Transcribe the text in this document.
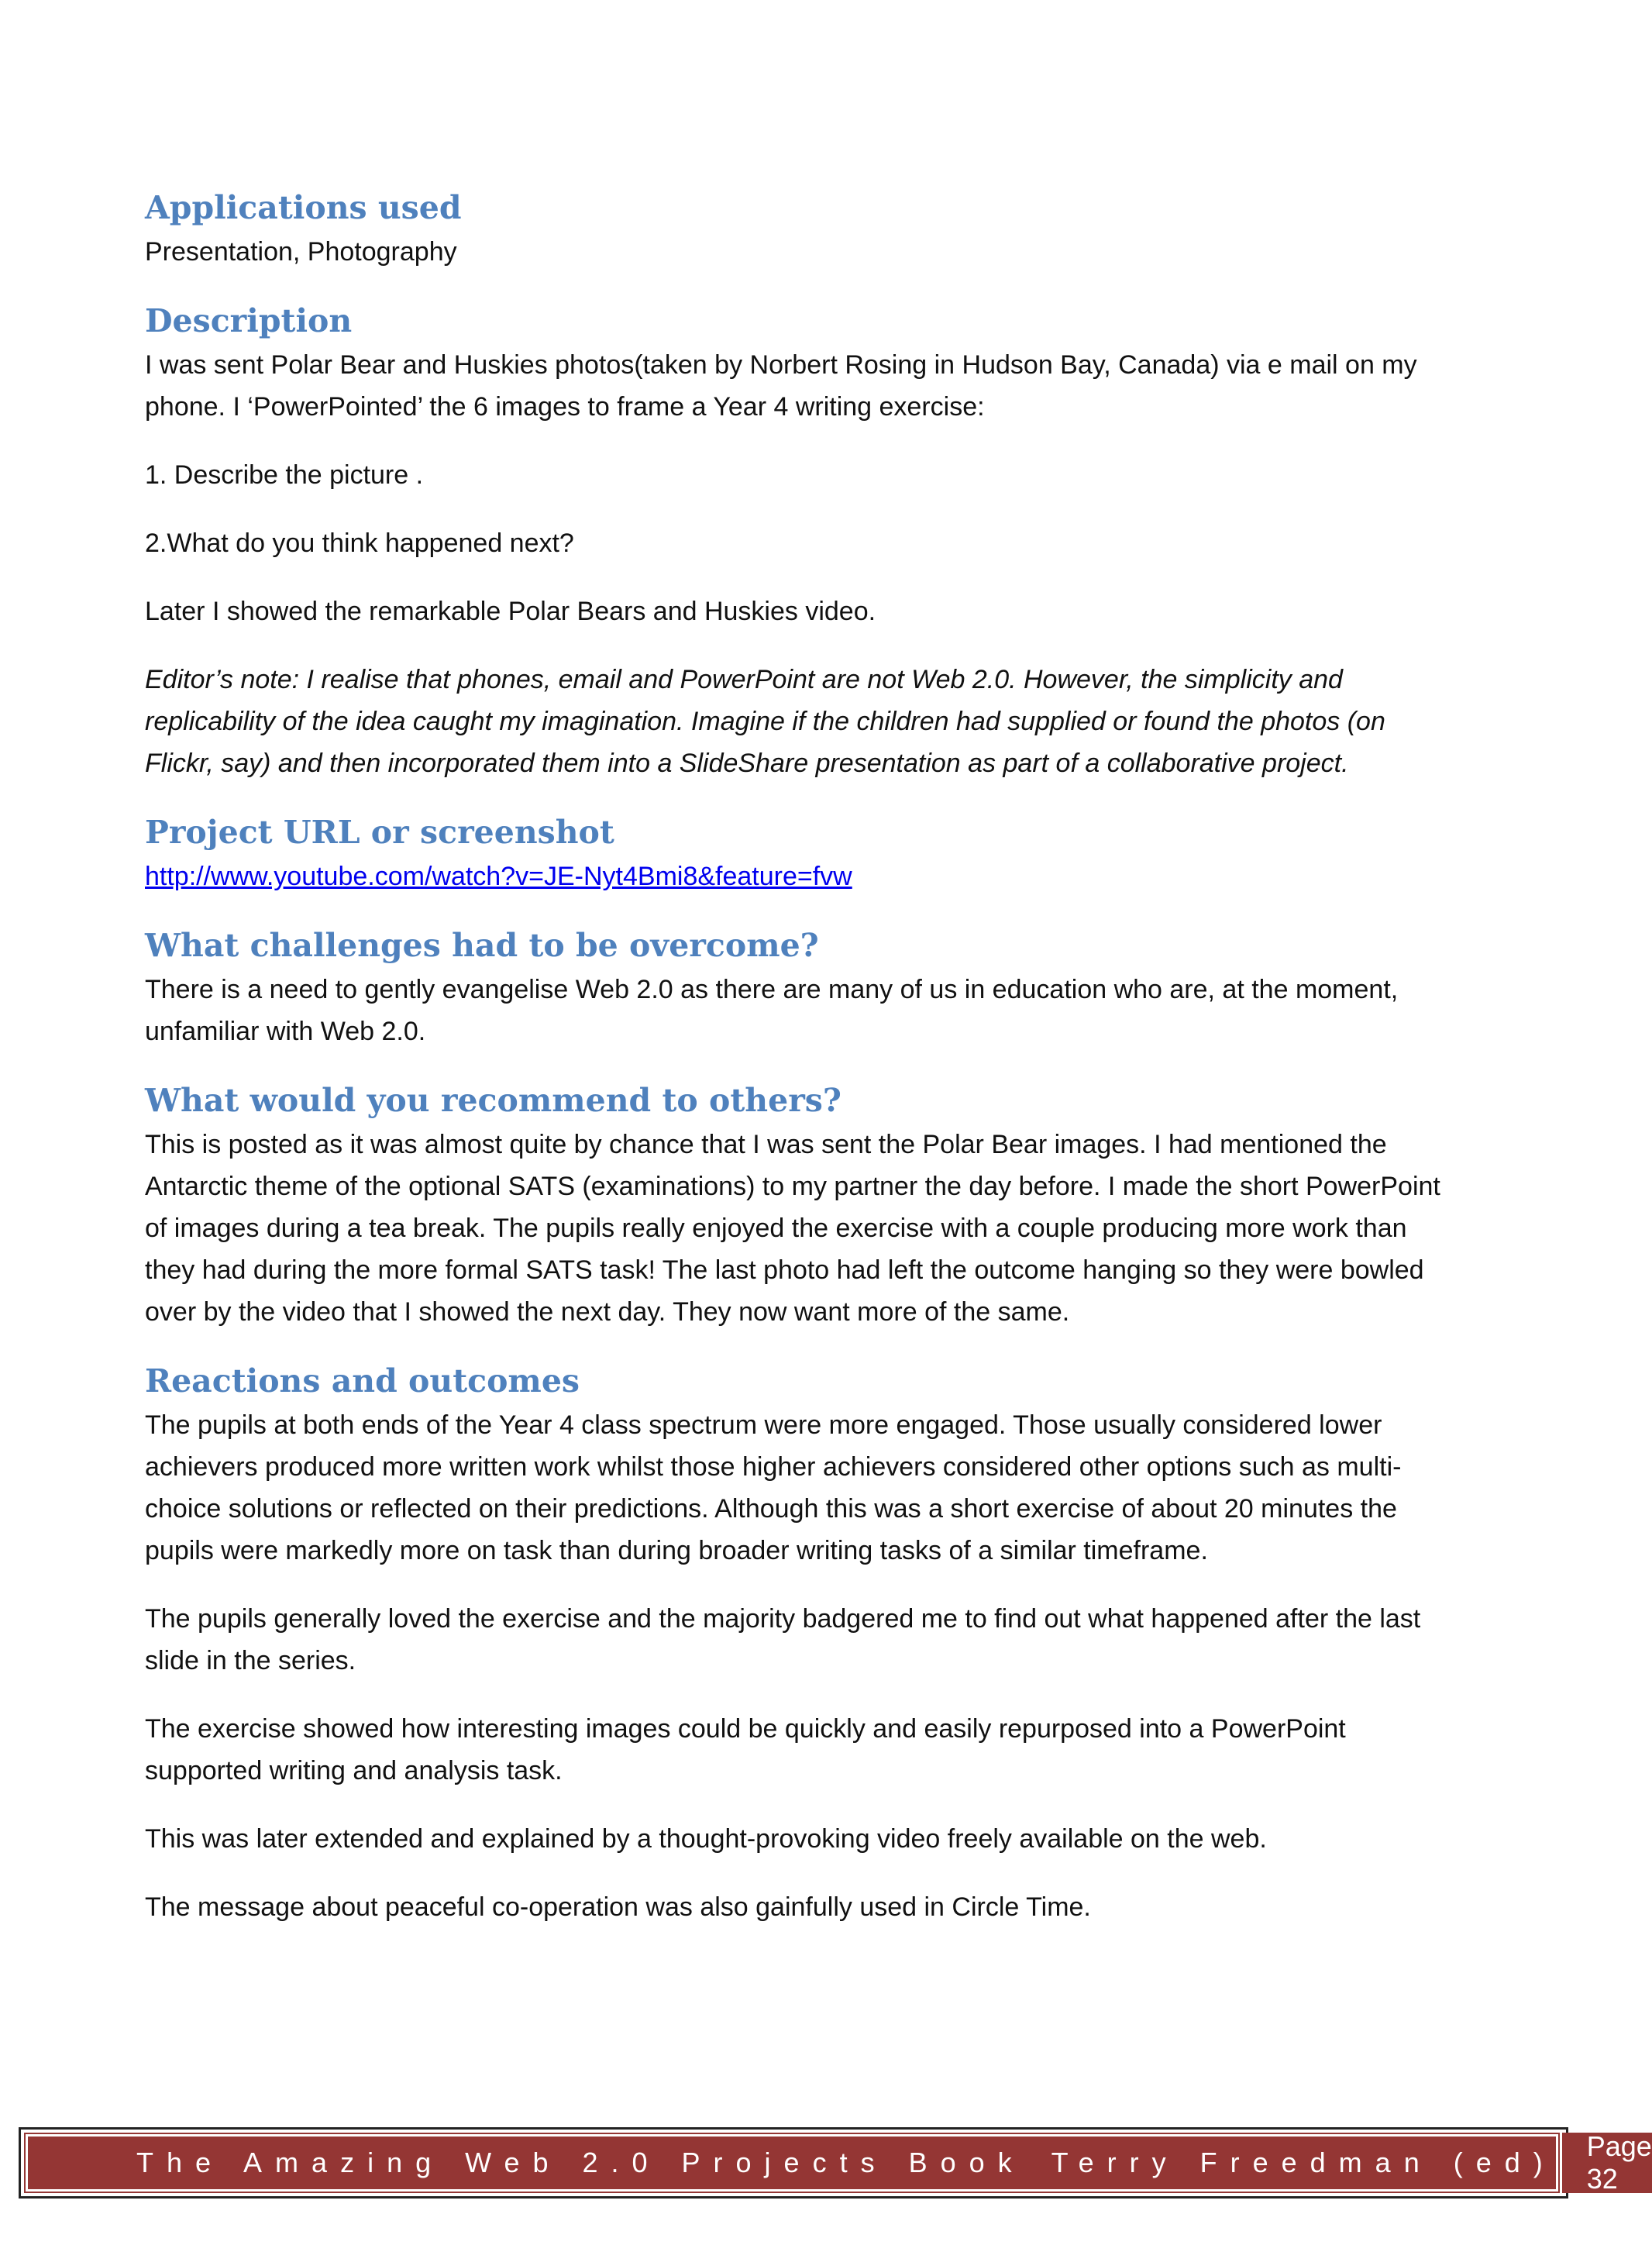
Applications used

Presentation, Photography

Description

I was sent Polar Bear and Huskies photos(taken by Norbert Rosing in Hudson Bay, Canada) via e mail on my phone. I ‘PowerPointed’ the 6 images to frame a Year 4 writing exercise:

1. Describe the picture .

2.What do you think happened next?

Later I showed the remarkable Polar Bears and Huskies video.

Editor’s note: I realise that phones, email and PowerPoint are not Web 2.0. However, the simplicity and replicability of the idea caught my imagination. Imagine if the children had supplied or found the photos (on Flickr, say) and then incorporated them into a SlideShare presentation as part of a collaborative project.

Project URL or screenshot

http://www.youtube.com/watch?v=JE-Nyt4Bmi8&feature=fvw

What challenges had to be overcome?

There is a need to gently evangelise Web 2.0 as there are many of us in education who are, at the moment, unfamiliar with Web 2.0.

What would you recommend to others?

This is posted as it was almost quite by chance that I was sent the Polar Bear images. I had mentioned the Antarctic theme of the optional SATS (examinations) to my partner the day before. I made the short PowerPoint of images during a tea break. The pupils really enjoyed the exercise with a couple producing more work than they had during the more formal SATS task! The last photo had left the outcome hanging so they were bowled over by the video that I showed the next day. They now want more of the same.

Reactions and outcomes

The pupils at both ends of the Year 4 class spectrum were more engaged. Those usually considered lower achievers produced more written work whilst those higher achievers considered other options such as multi-choice solutions or reflected on their predictions. Although this was a short exercise of about 20 minutes the pupils were markedly more on task than during broader writing tasks of a similar timeframe.

The pupils generally loved the exercise and the majority badgered me to find out what happened after the last slide in the series.

The exercise showed how interesting images could be quickly and easily repurposed into a PowerPoint supported writing and analysis task.

This was later extended and explained by a thought-provoking video freely available on the web.

The message about peaceful co-operation was also gainfully used in Circle Time.

The Amazing Web 2.0 Projects Book Terry Freedman (ed)
Page 32
